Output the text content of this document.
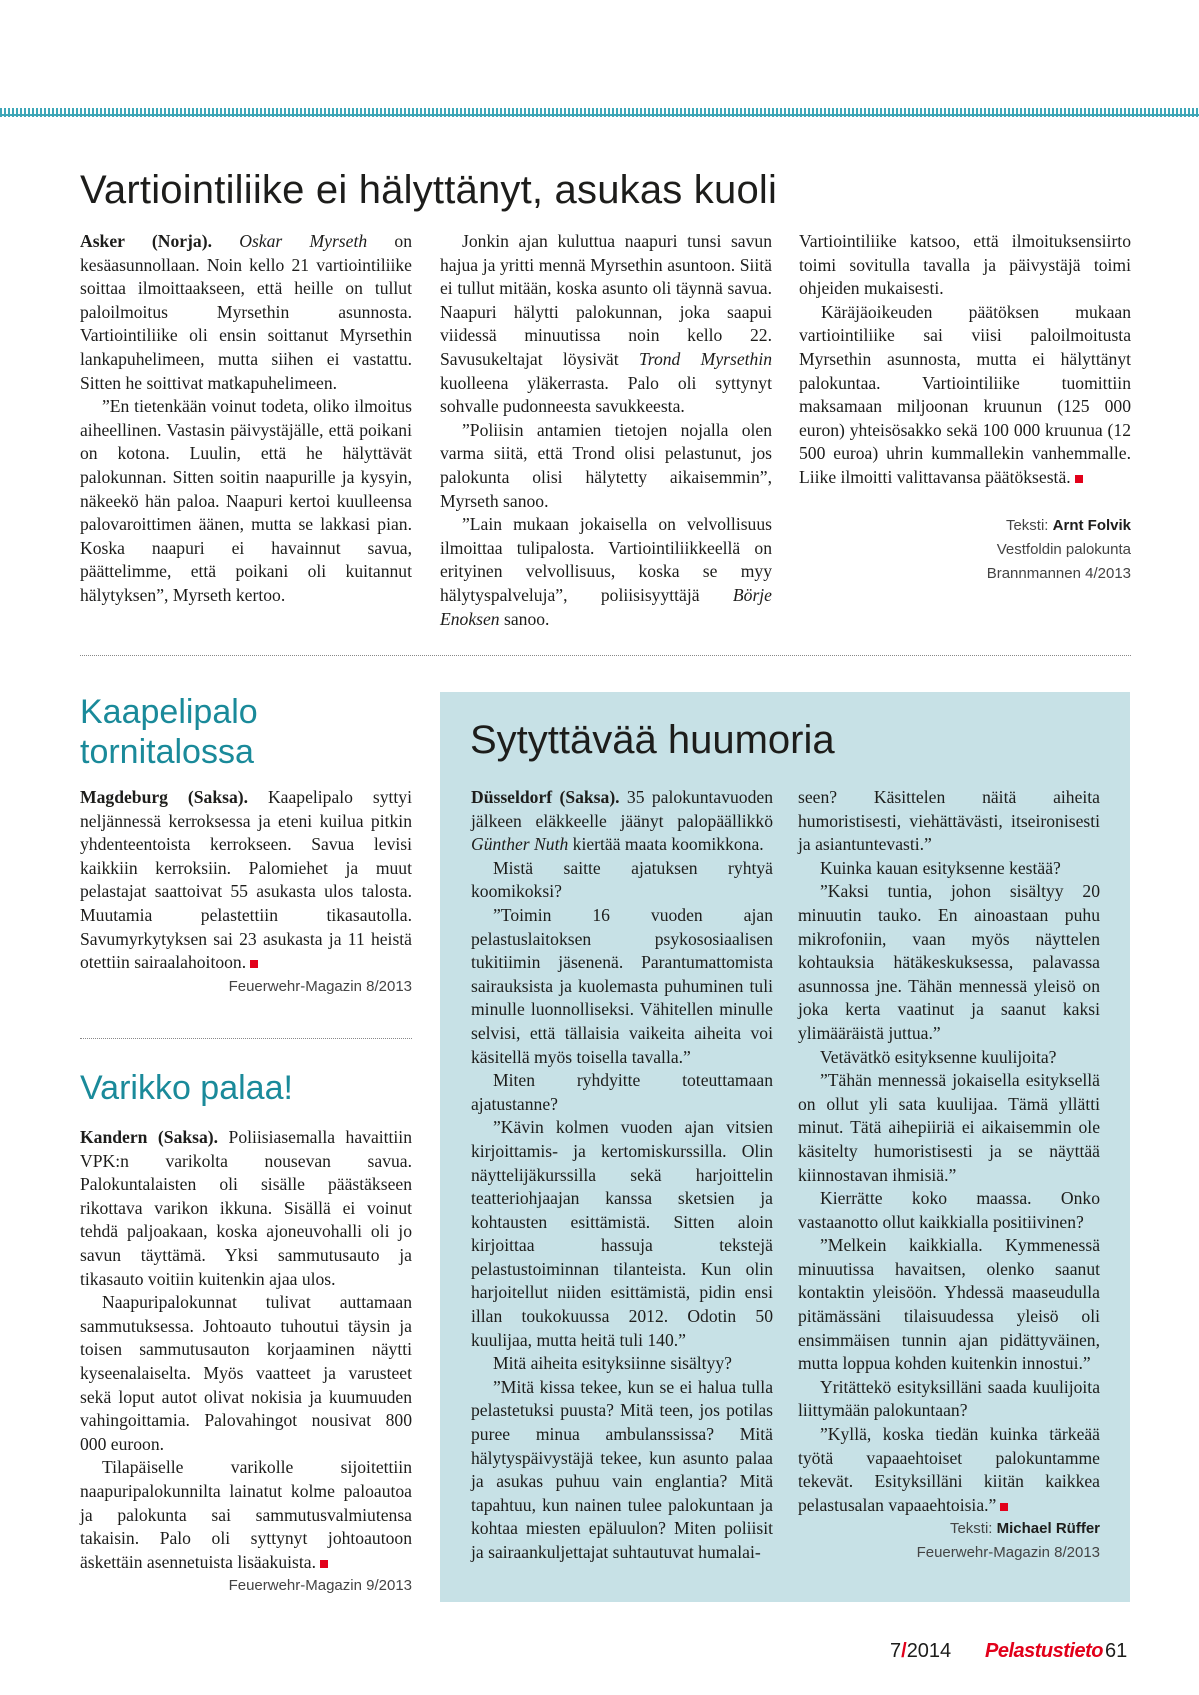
Vartiointiliike ei hälyttänyt, asukas kuoli

Asker (Norja). Oskar Myrseth on kesäasunnollaan. Noin kello 21 vartiointiliike soittaa ilmoittaakseen, että heille on tullut paloilmoitus Myrsethin asunnosta. Vartiointiliike oli ensin soittanut Myrsethin lankapuhelimeen, mutta siihen ei vastattu. Sitten he soittivat matkapuhelimeen.

”En tietenkään voinut todeta, oliko ilmoitus aiheellinen. Vastasin päivystäjälle, että poikani on kotona. Luulin, että he hälyttävät palokunnan. Sitten soitin naapurille ja kysyin, näkeekö hän paloa. Naapuri kertoi kuulleensa palovaroittimen äänen, mutta se lakkasi pian. Koska naapuri ei havainnut savua, päättelimme, että poikani oli kuitannut hälytyksen”, Myrseth kertoo.

Jonkin ajan kuluttua naapuri tunsi savun hajua ja yritti mennä Myrsethin asuntoon. Siitä ei tullut mitään, koska asunto oli täynnä savua. Naapuri hälytti palokunnan, joka saapui viidessä minuutissa noin kello 22. Savusukeltajat löysivät Trond Myrsethin kuolleena yläkerrasta. Palo oli syttynyt sohvalle pudonneesta savukkeesta.

”Poliisin antamien tietojen nojalla olen varma siitä, että Trond olisi pelastunut, jos palokunta olisi hälytetty aikaisemmin”, Myrseth sanoo.

”Lain mukaan jokaisella on velvollisuus ilmoittaa tulipalosta. Vartiointiliikkeellä on erityinen velvollisuus, koska se myy hälytyspalveluja”, poliisisyyttäjä Börje Enoksen sanoo.

Vartiointiliike katsoo, että ilmoituksensiirto toimi sovitulla tavalla ja päivystäjä toimi ohjeiden mukaisesti.

Käräjäoikeuden päätöksen mukaan vartiointiliike sai viisi paloilmoitusta Myrsethin asunnosta, mutta ei hälyttänyt palokuntaa. Vartiointiliike tuomittiin maksamaan miljoonan kruunun (125 000 euron) yhteisösakko sekä 100 000 kruunua (12 500 euroa) uhrin kummallekin vanhemmalle. Liike ilmoitti valittavansa päätöksestä.

Teksti: Arnt Folvik
Vestfoldin palokunta
Brannmannen 4/2013
Kaapelipalo
tornitalossa

Magdeburg (Saksa). Kaapelipalo syttyi neljännessä kerroksessa ja eteni kuilua pitkin yhdenteentoista kerrokseen. Savua levisi kaikkiin kerroksiin. Palomiehet ja muut pelastajat saattoivat 55 asukasta ulos talosta. Muutamia pelastettiin tikasautolla. Savumyrkytyksen sai 23 asukasta ja 11 heistä otettiin sairaalahoitoon.

Feuerwehr-Magazin 8/2013
Varikko palaa!

Kandern (Saksa). Poliisiasemalla havaittiin VPK:n varikolta nousevan savua. Palokuntalaisten oli sisälle päästäkseen rikottava varikon ikkuna. Sisällä ei voinut tehdä paljoakaan, koska ajoneuvohalli oli jo savun täyttämä. Yksi sammutusauto ja tikasauto voitiin kuitenkin ajaa ulos.

Naapuripalokunnat tulivat auttamaan sammutuksessa. Johtoauto tuhoutui täysin ja toisen sammutusauton korjaaminen näytti kyseenalaiselta. Myös vaatteet ja varusteet sekä loput autot olivat nokisia ja kuumuuden vahingoittamia. Palovahingot nousivat 800 000 euroon.

Tilapäiselle varikolle sijoitettiin naapuripalokunnilta lainatut kolme paloautoa ja palokunta sai sammutusvalmiutensa takaisin. Palo oli syttynyt johtoautoon äskettäin asennetuista lisäakuista.

Feuerwehr-Magazin 9/2013
Sytyttävää huumoria

Düsseldorf (Saksa). 35 palokuntavuoden jälkeen eläkkeelle jäänyt palopäällikkö Günther Nuth kiertää maata koomikkona.

Mistä saitte ajatuksen ryhtyä koomikoksi?

”Toimin 16 vuoden ajan pelastuslaitoksen psykososiaalisen tukitiimin jäsenenä. Parantumattomista sairauksista ja kuolemasta puhuminen tuli minulle luonnolliseksi. Vähitellen minulle selvisi, että tällaisia vaikeita aiheita voi käsitellä myös toisella tavalla.”

Miten ryhdyitte toteuttamaan ajatustanne?

”Kävin kolmen vuoden ajan vitsien kirjoittamis- ja kertomiskurssilla. Olin näyttelijäkurssilla sekä harjoittelin teatteriohjaajan kanssa sketsien ja kohtausten esittämistä. Sitten aloin kirjoittaa hassuja tekstejä pelastustoiminnan tilanteista. Kun olin harjoitellut niiden esittämistä, pidin ensi illan toukokuussa 2012. Odotin 50 kuulijaa, mutta heitä tuli 140.”

Mitä aiheita esityksiinne sisältyy?

”Mitä kissa tekee, kun se ei halua tulla pelastetuksi puusta? Mitä teen, jos potilas puree minua ambulanssissa? Mitä hälytyspäivystäjä tekee, kun asunto palaa ja asukas puhuu vain englantia? Mitä tapahtuu, kun nainen tulee palokuntaan ja kohtaa miesten epäluulon? Miten poliisit ja sairaankuljettajat suhtautuvat humalai-

seen? Käsittelen näitä aiheita humoristisesti, viehättävästi, itseironisesti ja asiantuntevasti.”

Kuinka kauan esityksenne kestää?

”Kaksi tuntia, johon sisältyy 20 minuutin tauko. En ainoastaan puhu mikrofoniin, vaan myös näyttelen kohtauksia hätäkeskuksessa, palavassa asunnossa jne. Tähän mennessä yleisö on joka kerta vaatinut ja saanut kaksi ylimääräistä juttua.”

Vetävätkö esityksenne kuulijoita?

”Tähän mennessä jokaisella esityksellä on ollut yli sata kuulijaa. Tämä yllätti minut. Tätä aihepiiriä ei aikaisemmin ole käsitelty humoristisesti ja se näyttää kiinnostavan ihmisiä.”

Kierrätte koko maassa. Onko vastaanotto ollut kaikkialla positiivinen?

”Melkein kaikkialla. Kymmenessä minuutissa havaitsen, olenko saanut kontaktin yleisöön. Yhdessä maaseudulla pitämässäni tilaisuudessa yleisö oli ensimmäisen tunnin ajan pidättyväinen, mutta loppua kohden kuitenkin innostui.”

Yritättekö esityksilläni saada kuulijoita liittymään palokuntaan?

”Kyllä, koska tiedän kuinka tärkeää työtä vapaaehtoiset palokuntamme tekevät. Esityksilläni kiitän kaikkea pelastusalan vapaaehtoisia.”

Teksti: Michael Rüffer
Feuerwehr-Magazin 8/2013
7/2014 Pelastustieto 61
